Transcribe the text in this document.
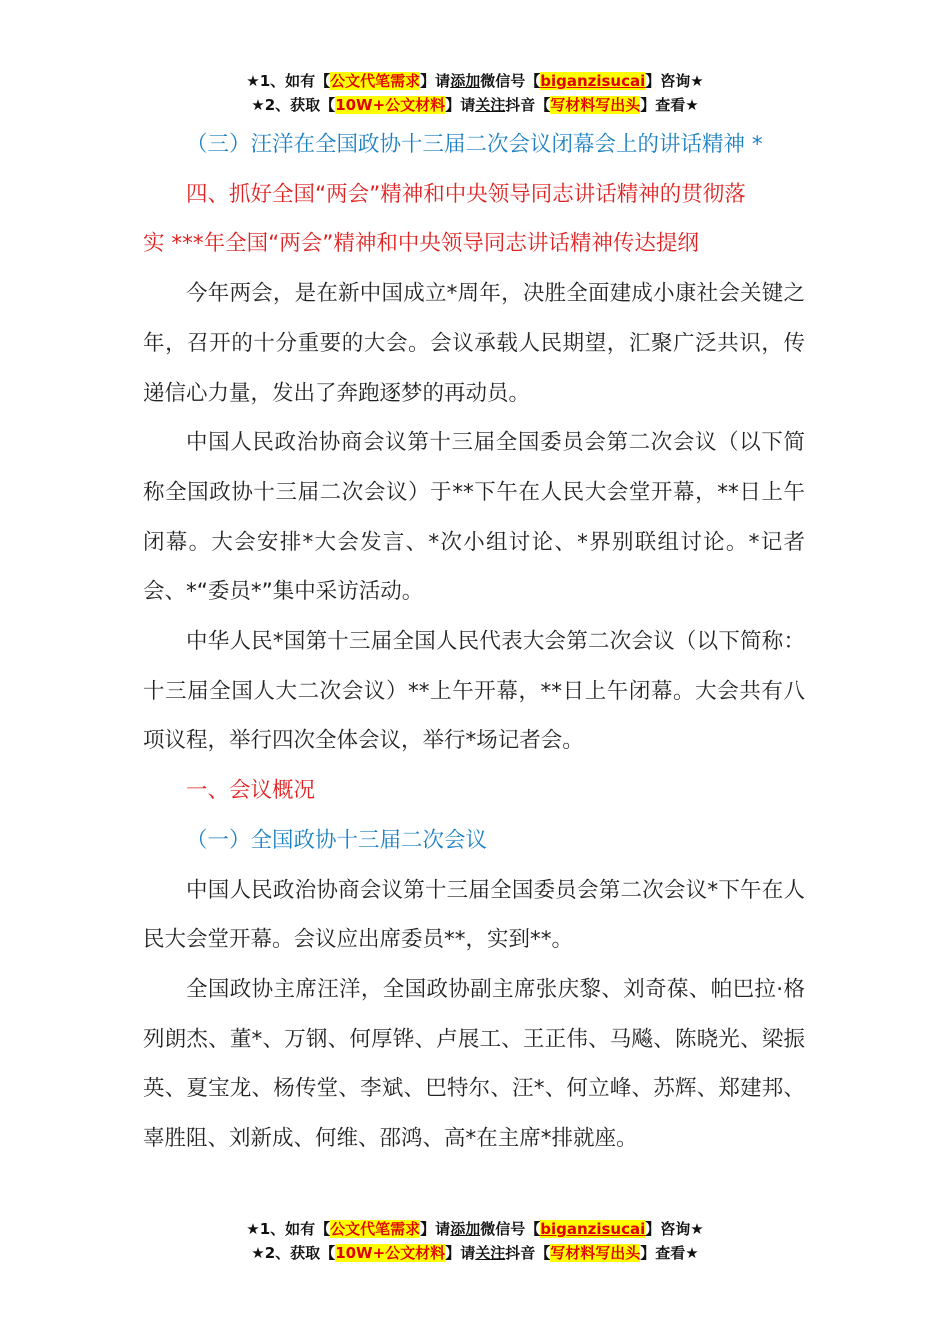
★1、如有【公文代笔需求】请添加微信号【biganzisucai】咨询★
★2、获取【10W+公文材料】请关注抖音【写材料写出头】查看★

（三）汪洋在全国政协十三届二次会议闭幕会上的讲话精神 *

四、抓好全国“两会”精神和中央领导同志讲话精神的贯彻落

实 ***年全国“两会”精神和中央领导同志讲话精神传达提纲

今年两会，是在新中国成立*周年，决胜全面建成小康社会关键之年，召开的十分重要的大会。会议承载人民期望，汇聚广泛共识，传递信心力量，发出了奔跑逐梦的再动员。

中国人民政治协商会议第十三届全国委员会第二次会议（以下简称全国政协十三届二次会议）于**下午在人民大会堂开幕，**日上午闭幕。大会安排*大会发言、*次小组讨论、*界别联组讨论。*记者会、*“委员*”集中采访活动。

中华人民*国第十三届全国人民代表大会第二次会议（以下简称：十三届全国人大二次会议）**上午开幕，**日上午闭幕。大会共有八项议程，举行四次全体会议，举行*场记者会。

一、会议概况

（一）全国政协十三届二次会议

中国人民政治协商会议第十三届全国委员会第二次会议*下午在人民大会堂开幕。会议应出席委员**，实到**。

全国政协主席汪洋，全国政协副主席张庆黎、刘奇葆、帕巴拉·格列朗杰、董*、万钢、何厚铧、卢展工、王正伟、马飚、陈晓光、梁振英、夏宝龙、杨传堂、李斌、巴特尔、汪*、何立峰、苏辉、郑建邦、辜胜阻、刘新成、何维、邵鸿、高*在主席*排就座。

★1、如有【公文代笔需求】请添加微信号【biganzisucai】咨询★
★2、获取【10W+公文材料】请关注抖音【写材料写出头】查看★
